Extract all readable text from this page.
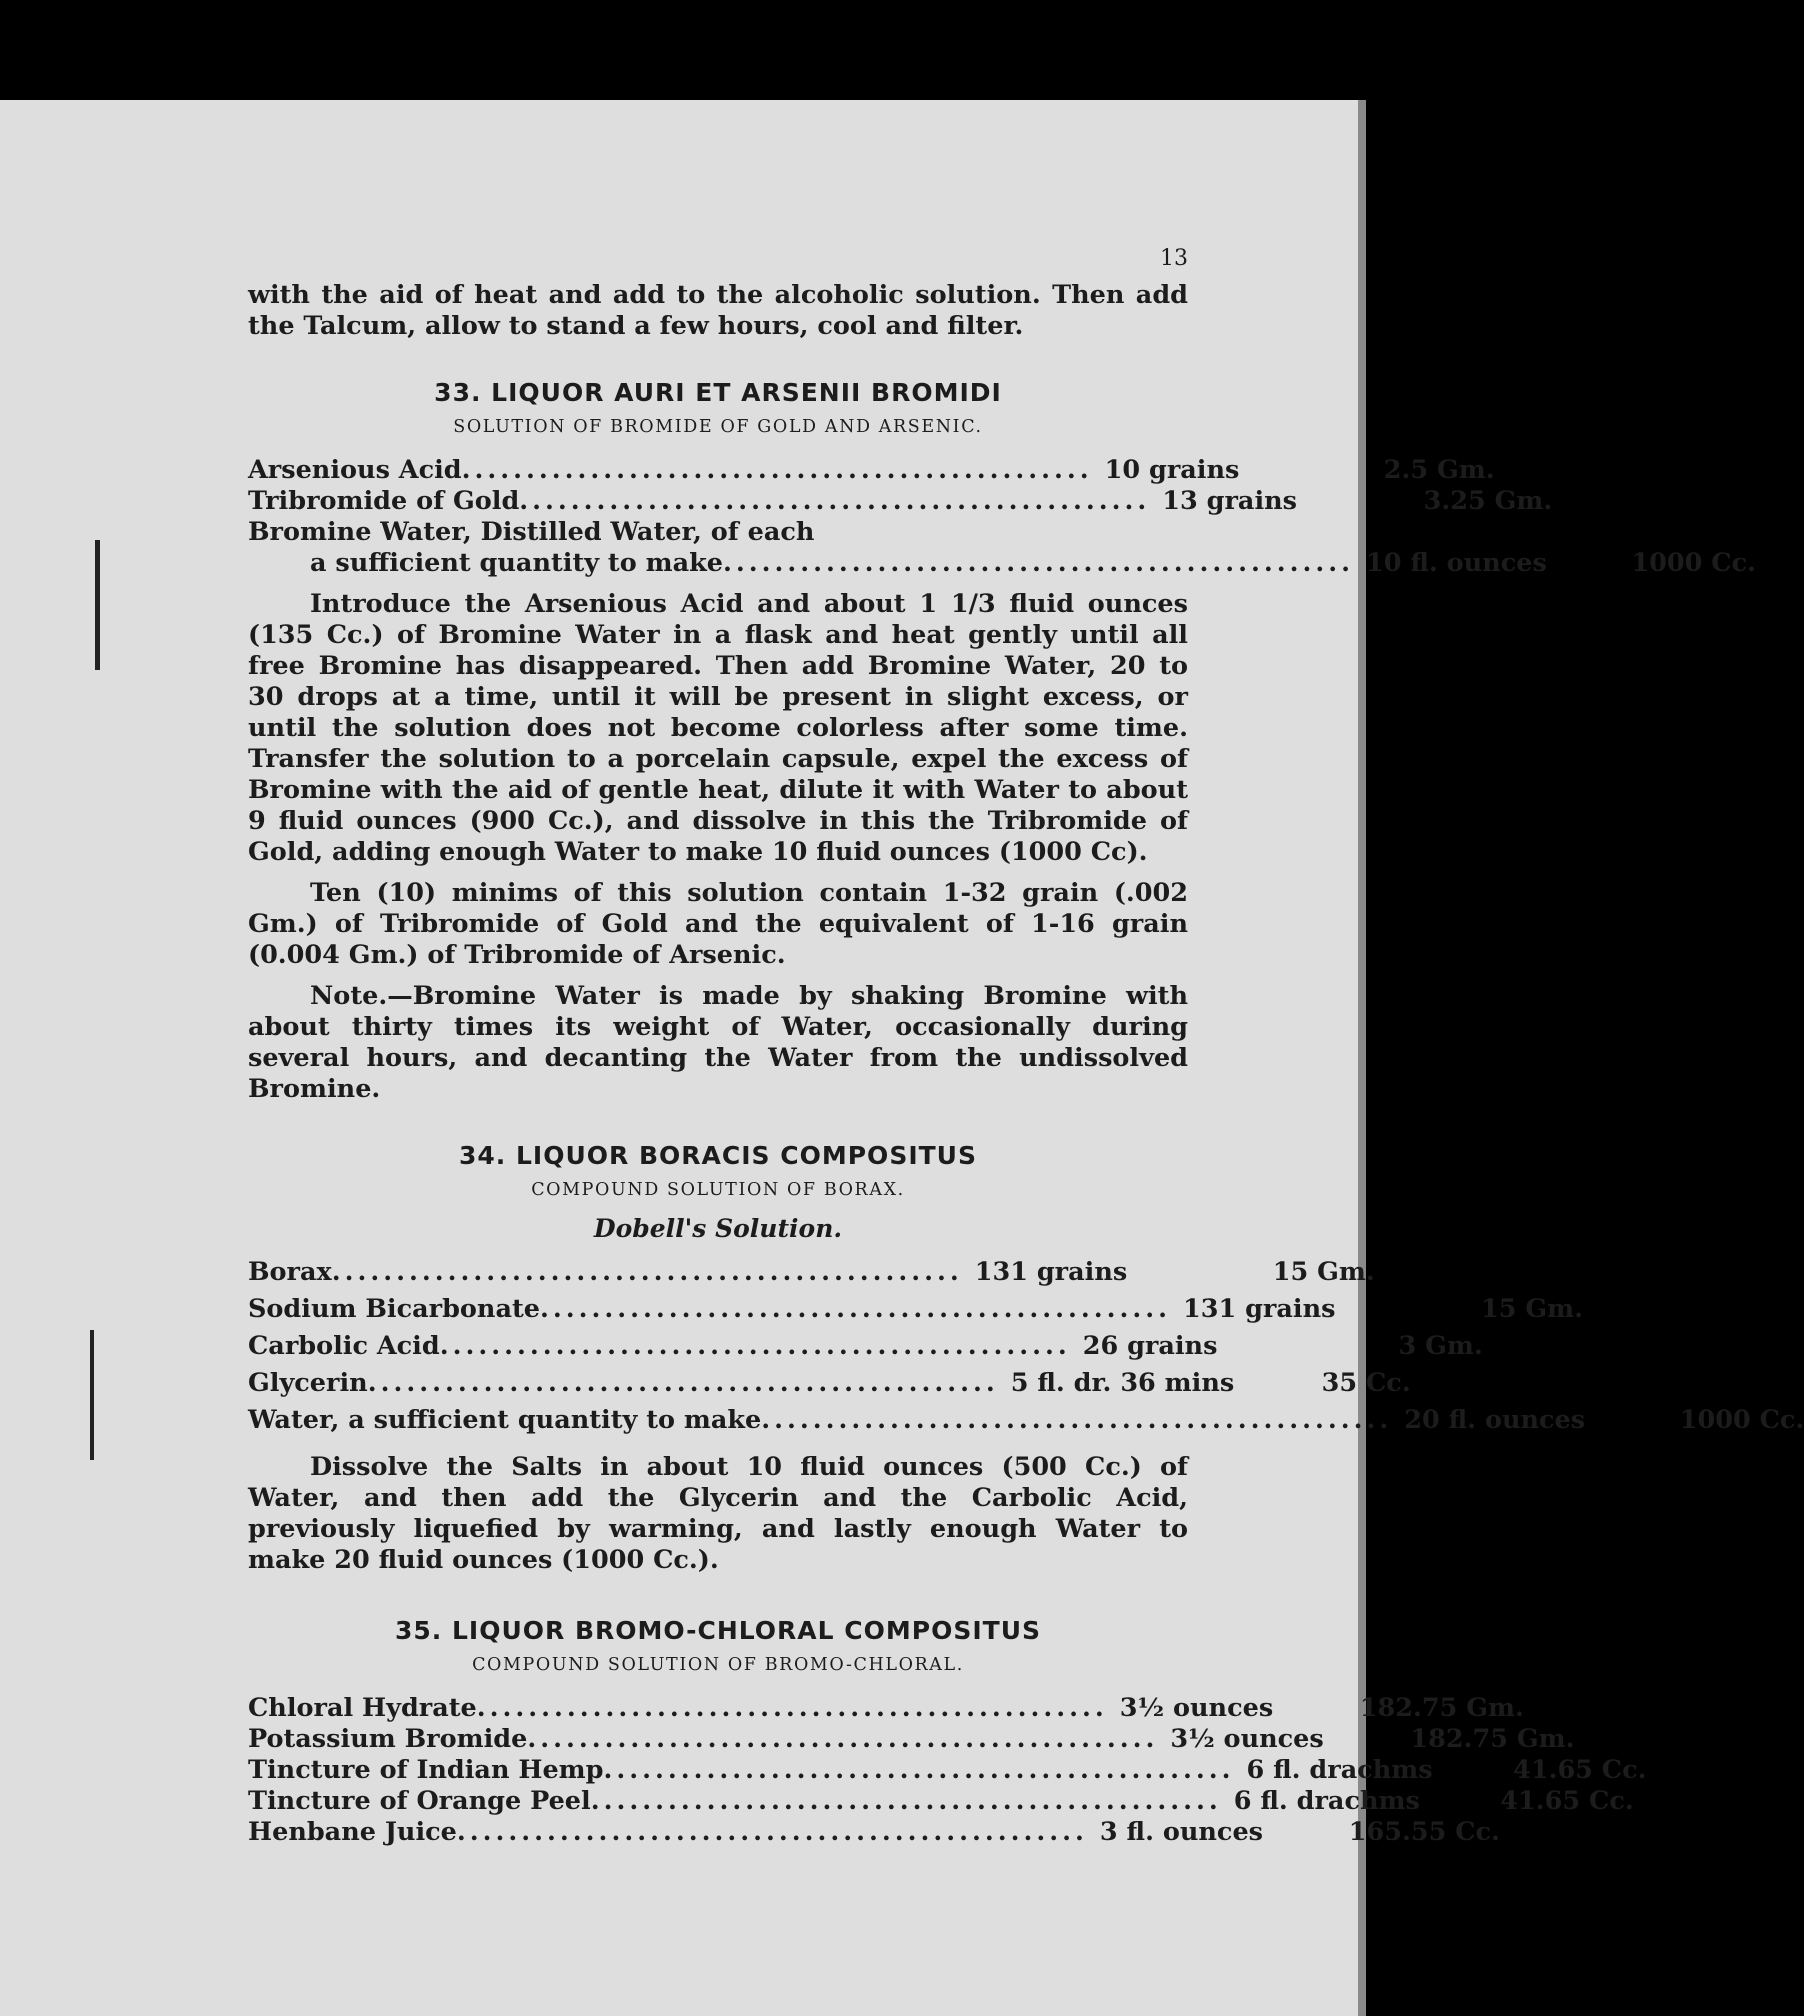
13

with the aid of heat and add to the alcoholic solution. Then add the Talcum, allow to stand a few hours, cool and filter.

33. LIQUOR AURI ET ARSENII BROMIDI
SOLUTION OF BROMIDE OF GOLD AND ARSENIC.
Arsenious Acid ................................................. 10 grains	2.5 Gm.
Tribromide of Gold ................................................. 13 grains	3.25 Gm.
Bromine Water, Distilled Water, of each
a sufficient quantity to make ................................................. 10 fl. ounces	1000 Cc.

Introduce the Arsenious Acid and about 1 1/3 fluid ounces (135 Cc.) of Bromine Water in a flask and heat gently until all free Bromine has disappeared. Then add Bromine Water, 20 to 30 drops at a time, until it will be present in slight excess, or until the solution does not become colorless after some time. Transfer the solution to a porcelain capsule, expel the excess of Bromine with the aid of gentle heat, dilute it with Water to about 9 fluid ounces (900 Cc.), and dissolve in this the Tribromide of Gold, adding enough Water to make 10 fluid ounces (1000 Cc).

Ten (10) minims of this solution contain 1-32 grain (.002 Gm.) of Tribromide of Gold and the equivalent of 1-16 grain (0.004 Gm.) of Tribromide of Arsenic.

Note.—Bromine Water is made by shaking Bromine with about thirty times its weight of Water, occasionally during several hours, and decanting the Water from the undissolved Bromine.

34. LIQUOR BORACIS COMPOSITUS
COMPOUND SOLUTION OF BORAX.
Dobell's Solution.
Borax ................................................. 131 grains	15 Gm.
Sodium Bicarbonate ................................................. 131 grains	15 Gm.
Carbolic Acid ................................................. 26 grains	3 Gm.
Glycerin ................................................. 5 fl. dr. 36 mins	35 Cc.
Water, a sufficient quantity to make ................................................. 20 fl. ounces	1000 Cc.

Dissolve the Salts in about 10 fluid ounces (500 Cc.) of Water, and then add the Glycerin and the Carbolic Acid, previously liquefied by warming, and lastly enough Water to make 20 fluid ounces (1000 Cc.).

35. LIQUOR BROMO-CHLORAL COMPOSITUS
COMPOUND SOLUTION OF BROMO-CHLORAL.
Chloral Hydrate ................................................. 3½ ounces	182.75 Gm.
Potassium Bromide ................................................. 3½ ounces	182.75 Gm.
Tincture of Indian Hemp ................................................. 6 fl. drachms	41.65 Cc.
Tincture of Orange Peel ................................................. 6 fl. drachms	41.65 Cc.
Henbane Juice ................................................. 3 fl. ounces	165.55 Cc.
